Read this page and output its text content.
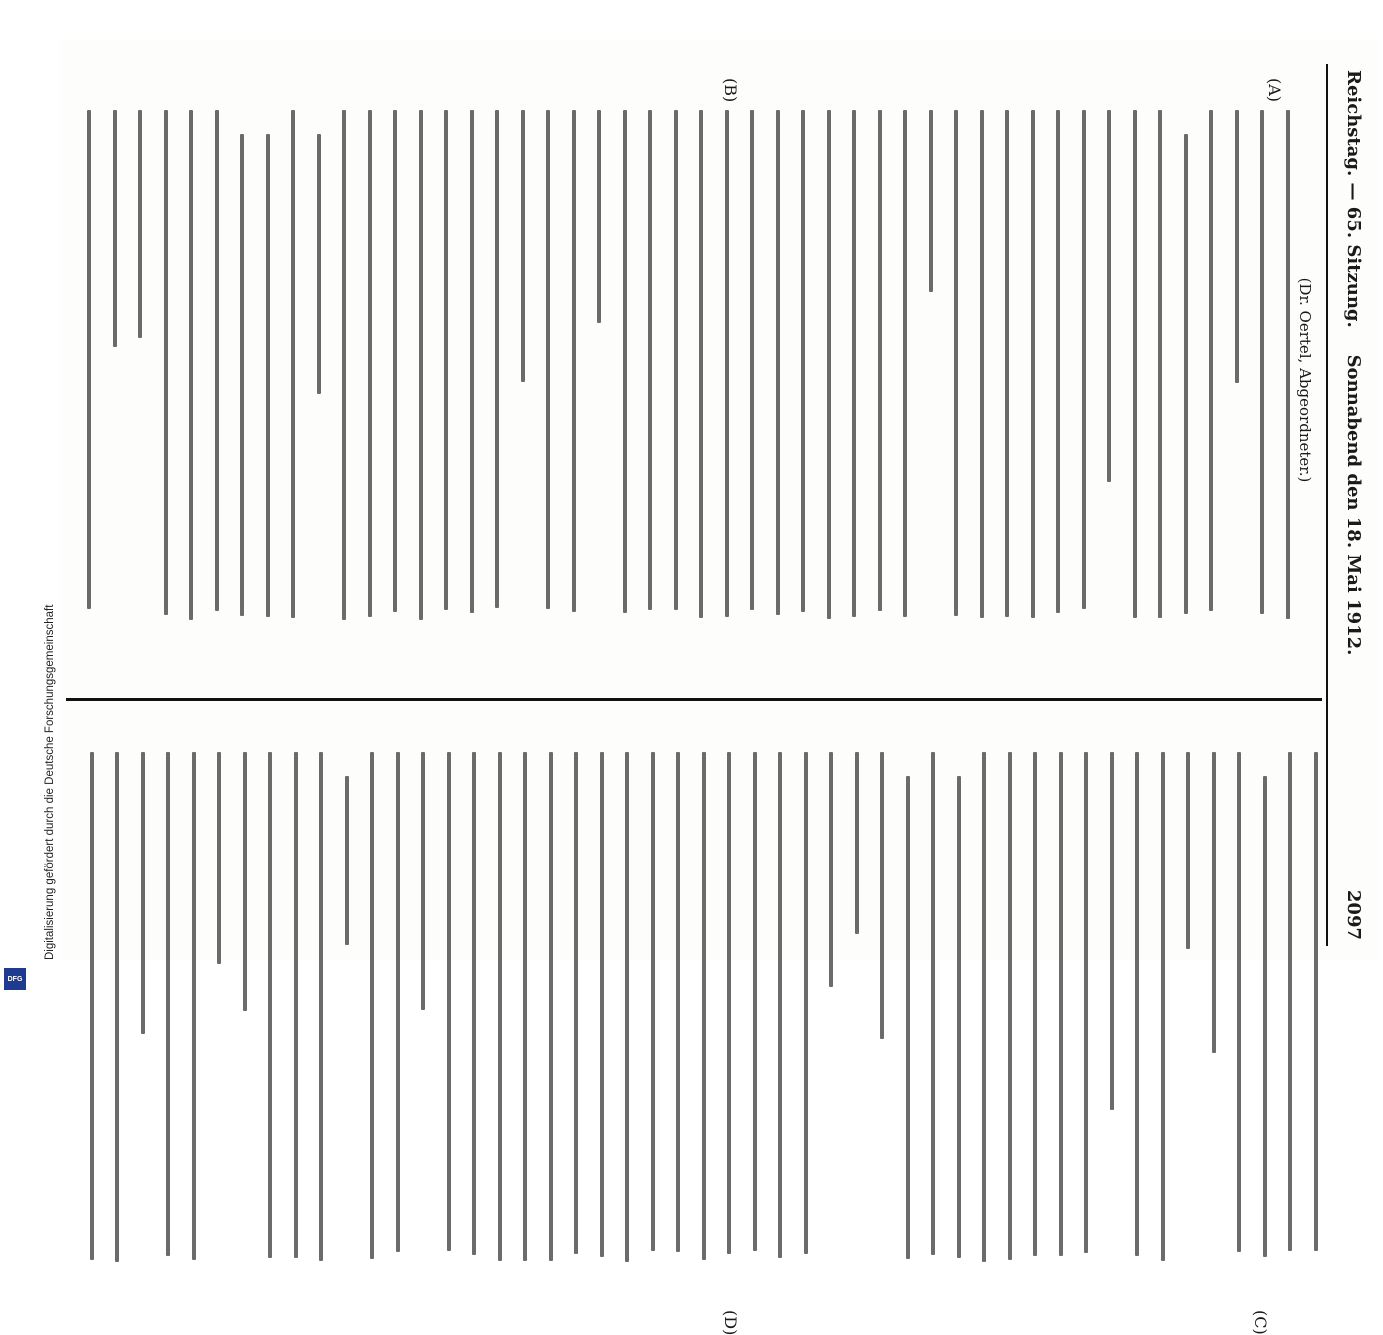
Reichstag. — 65. Sitzung.
Sonnabend den 18. Mai 1912.
2097
(A)
(B)
(C)
(D)
(Dr. Oertel, Abgeordneter.)
Digitalisierung gefördert durch die Deutsche Forschungsgemeinschaft
DFG
